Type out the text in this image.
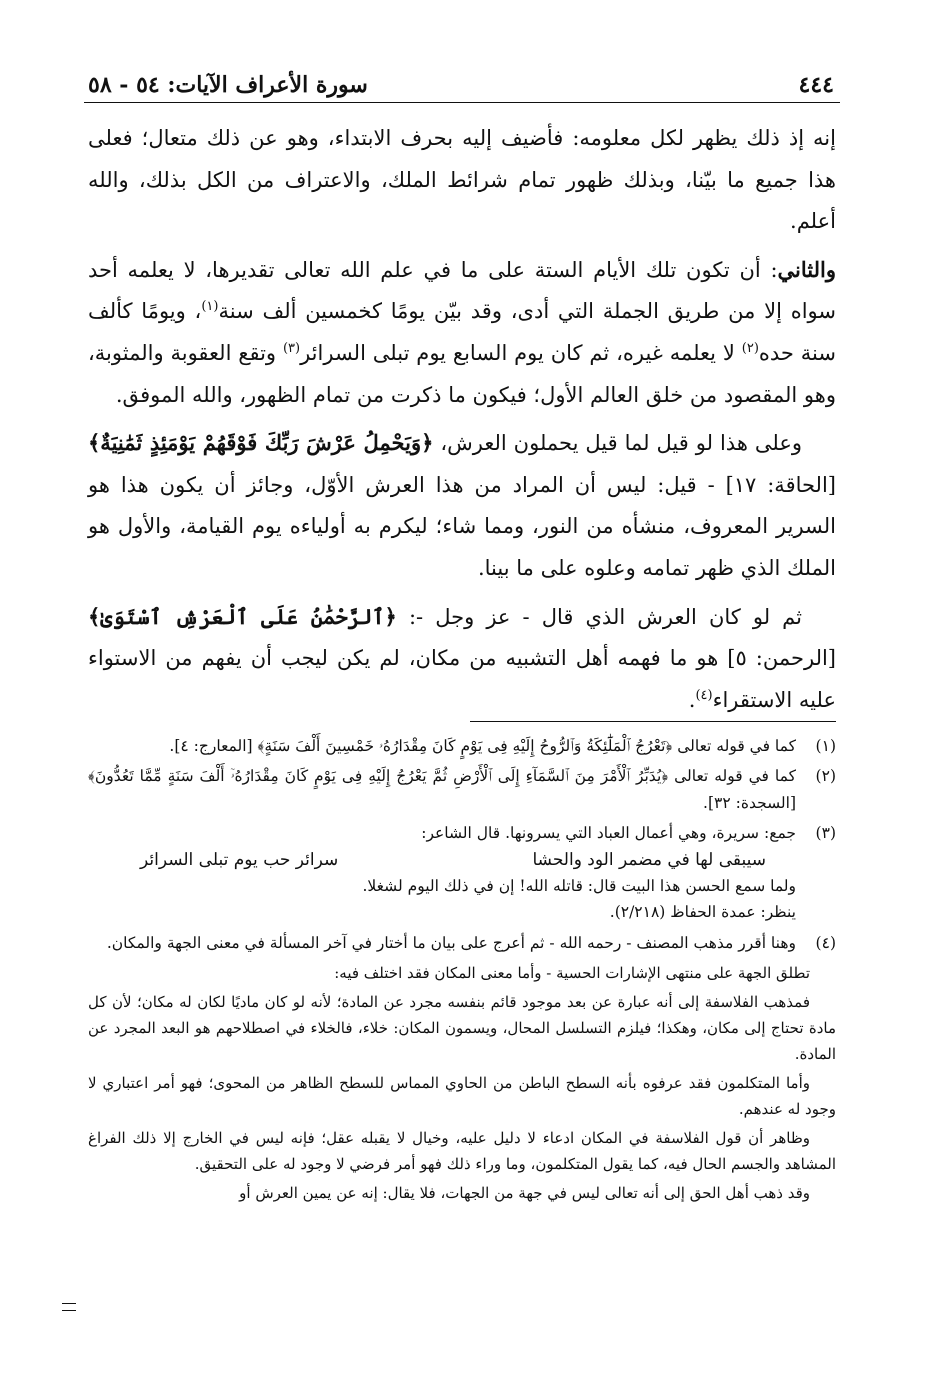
٤٤٤
سورة الأعراف الآيات: ٥٤ - ٥٨

إنه إذ ذلك يظهر لكل معلومه: فأضيف إليه بحرف الابتداء، وهو عن ذلك متعال؛ فعلى هذا جميع ما بيّنا، وبذلك ظهور تمام شرائط الملك، والاعتراف من الكل بذلك، والله أعلم.

والثاني: أن تكون تلك الأيام الستة على ما في علم الله تعالى تقديرها، لا يعلمه أحد سواه إلا من طريق الجملة التي أدى، وقد بيّن يومًا كخمسين ألف سنة$^{(١)}$، ويومًا كألف سنة حده$^{(٢)}$ لا يعلمه غيره، ثم كان يوم السابع يوم تبلى السرائر$^{(٣)}$ وتقع العقوبة والمثوبة، وهو المقصود من خلق العالم الأول؛ فيكون ما ذكرت من تمام الظهور، والله الموفق.

وعلى هذا لو قيل لما قيل يحملون العرش، ﴿وَيَحْمِلُ عَرْشَ رَبِّكَ فَوْقَهُمْ يَوْمَئِذٍ ثَمَٰنِيَةٌ﴾ [الحاقة: ١٧] - قيل: ليس أن المراد من هذا العرش الأوّل، وجائز أن يكون هذا هو السرير المعروف، منشأه من النور، ومما شاء؛ ليكرم به أولياءه يوم القيامة، والأول هو الملك الذي ظهر تمامه وعلوه على ما بينا.

ثم لو كان العرش الذي قال - عز وجل -: ﴿ٱلرَّحْمَٰنُ عَلَى ٱلْعَرْشِ ٱسْتَوَىٰ﴾ [الرحمن: ٥] هو ما فهمه أهل التشبيه من مكان، لم يكن ليجب أن يفهم من الاستواء عليه الاستقراء$^{(٤)}$.

(١)
كما في قوله تعالى ﴿تَعْرُجُ ٱلْمَلَٰٓئِكَةُ وَٱلرُّوحُ إِلَيْهِ فِى يَوْمٍ كَانَ مِقْدَارُهُۥ خَمْسِينَ أَلْفَ سَنَةٍ﴾ [المعارج: ٤].
(٢)
كما في قوله تعالى ﴿يُدَبِّرُ ٱلْأَمْرَ مِنَ ٱلسَّمَآءِ إِلَى ٱلْأَرْضِ ثُمَّ يَعْرُجُ إِلَيْهِ فِى يَوْمٍ كَانَ مِقْدَارُهُۥٓ أَلْفَ سَنَةٍ مِّمَّا تَعُدُّونَ﴾ [السجدة: ٣٢].
(٣)

جمع: سريرة، وهي أعمال العباد التي يسرونها. قال الشاعر:

سيبقى لها في مضمر الود والحشا
سرائر حب يوم تبلى السرائر

ولما سمع الحسن هذا البيت قال: قاتله الله! إن في ذلك اليوم لشغلا.

ينظر: عمدة الحفاظ (٢/٢١٨).

(٤)
وهنا أقرر مذهب المصنف - رحمه الله - ثم أعرج على بيان ما أختار في آخر المسألة في معنى الجهة والمكان.

تطلق الجهة على منتهى الإشارات الحسية - وأما معنى المكان فقد اختلف فيه:

فمذهب الفلاسفة إلى أنه عبارة عن بعد موجود قائم بنفسه مجرد عن المادة؛ لأنه لو كان ماديًا لكان له مكان؛ لأن كل مادة تحتاج إلى مكان، وهكذا؛ فيلزم التسلسل المحال، ويسمون المكان: خلاء، فالخلاء في اصطلاحهم هو البعد المجرد عن المادة.

وأما المتكلمون فقد عرفوه بأنه السطح الباطن من الحاوي المماس للسطح الظاهر من المحوى؛ فهو أمر اعتباري لا وجود له عندهم.

وظاهر أن قول الفلاسفة في المكان ادعاء لا دليل عليه، وخيال لا يقبله عقل؛ فإنه ليس في الخارج إلا ذلك الفراغ المشاهد والجسم الحال فيه، كما يقول المتكلمون، وما وراء ذلك فهو أمر فرضي لا وجود له على التحقيق.

وقد ذهب أهل الحق إلى أنه تعالى ليس في جهة من الجهات، فلا يقال: إنه عن يمين العرش أو
